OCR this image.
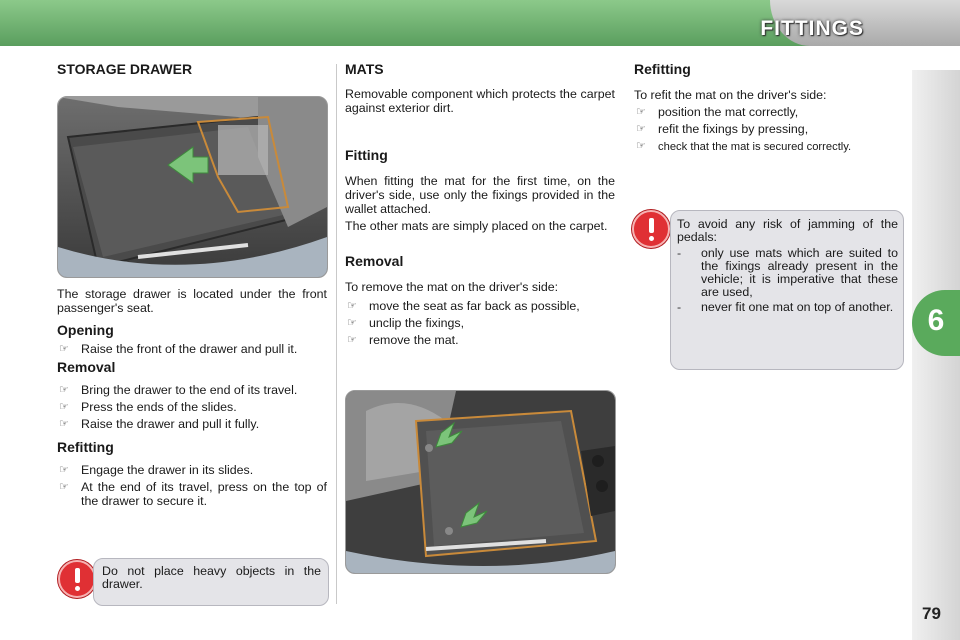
FITTINGS
6
79
STORAGE DRAWER

The storage drawer is located under the front passenger's seat.

Opening
☞ Raise the front of the drawer and pull it.
Removal
☞ Bring the drawer to the end of its travel.
☞ Press the ends of the slides.
☞ Raise the drawer and pull it fully.
Refitting
☞ Engage the drawer in its slides.
☞ At the end of its travel, press on the top of the drawer to secure it.
Do not place heavy objects in the drawer.
MATS

Removable component which protects the carpet against exterior dirt.

Fitting

When fitting the mat for the first time, on the driver's side, use only the fixings provided in the wallet attached.

The other mats are simply placed on the carpet.

Removal

To remove the mat on the driver's side:

☞ move the seat as far back as possible,
☞ unclip the fixings,
☞ remove the mat.
Refitting

To refit the mat on the driver's side:

☞ position the mat correctly,
☞ refit the fixings by pressing,
☞ check that the mat is secured correctly.

To avoid any risk of jamming of the pedals:

- only use mats which are suited to the fixings already present in the vehicle; it is imperative that these are used,
- never fit one mat on top of another.
